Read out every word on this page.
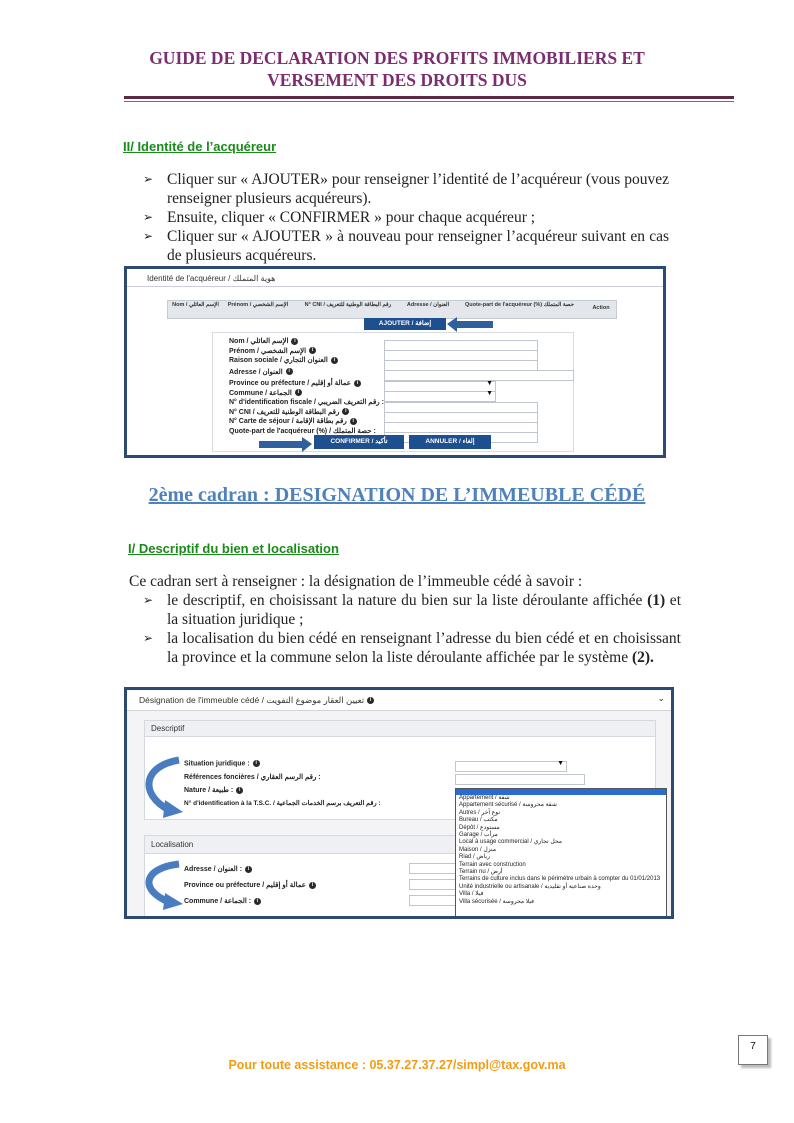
GUIDE DE DECLARATION DES PROFITS IMMOBILIERS ET
VERSEMENT DES DROITS DUS
II/ Identité de l’acquéreur
➢ Cliquer sur « AJOUTER» pour renseigner l’identité de l’acquéreur (vous pouvez renseigner plusieurs acquéreurs).
➢ Ensuite, cliquer « CONFIRMER » pour chaque acquéreur ;
➢ Cliquer sur « AJOUTER » à nouveau pour renseigner l’acquéreur suivant en cas de plusieurs acquéreurs.
Identité de l'acquéreur / هوية المتملك
Nom / الإسم العائلي	Prénom / الإسم الشخصي	N° CNI / رقم البطاقة الوطنية للتعريف	Adresse / العنوان	Quote-part de l'acquéreur (%) حصة المتملك	Action
AJOUTER / إضافة
Nom / الإسم العائلي i
Prénom / الإسم الشخصي i
Raison sociale / العنوان التجاري i
Adresse / العنوان i
Province ou préfecture / عمالة أو إقليم i
Commune / الجماعة i
N° d'identification fiscale / رقم التعريف الضريبي :
N° CNI / رقم البطاقة الوطنية للتعريف i
N° Carte de séjour / رقم بطاقة الإقامة i
Quote-part de l'acquéreur (%) / حصة المتملك :
▼
▼
CONFIRMER / تأكيد	ANNULER / إلغاء
2ème cadran : DESIGNATION DE L’IMMEUBLE CÉDÉ
I/ Descriptif du bien et localisation
Ce cadran sert à renseigner : la désignation de l’immeuble cédé à savoir :
➢ le descriptif, en choisissant la nature du bien sur la liste déroulante affichée (1) et la situation juridique ;
➢ la localisation du bien cédé en renseignant l’adresse du bien cédé et en choisissant la province et la commune selon la liste déroulante affichée par le système (2).
Désignation de l'immeuble cédé / تعيين العقار موضوع التفويت i	⌄
Descriptif
Situation juridique : i
Références foncières / رقم الرسم العقاري :
Nature / طبيعة : i
N° d'identification à la T.S.C. / رقم التعريف برسم الخدمات الجماعية :
▼
Localisation
Adresse / العنوان : i
Province ou préfecture / عمالة أو إقليم i
Commune / الجماعة : i
Appartement / شقة
Appartement sécurisé / شقة محروسة
Autres / نوع آخر
Bureau / مكتب
Dépôt / مستودع
Garage / مرأب
Local à usage commercial / محل تجاري
Maison / منزل
Riad / رياض
Terrain avec construction
Terrain nu / أرض
Terrains de culture inclus dans le périmètre urbain à compter du 01/01/2013
Unité industrielle ou artisanale / وحدة صناعية أو تقليدية
Villa / فيلا
Villa sécurisée / فيلا محروسة
7
Pour toute assistance : 05.37.27.37.27/simpl@tax.gov.ma
